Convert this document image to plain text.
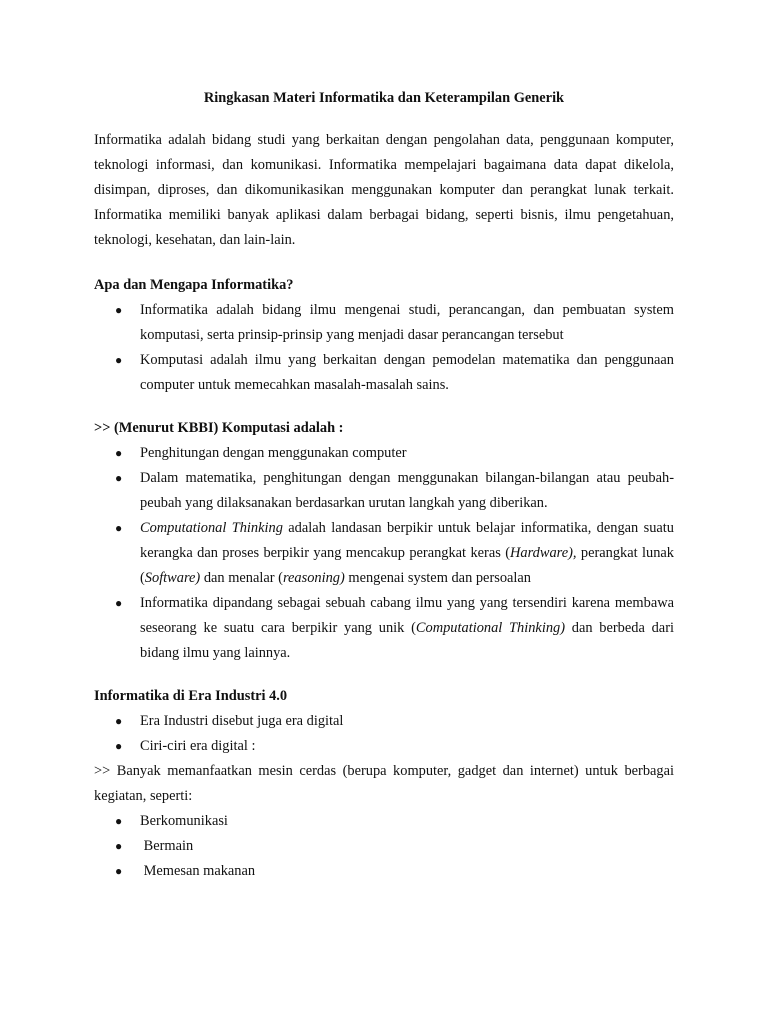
Ringkasan Materi Informatika dan Keterampilan Generik
Informatika adalah bidang studi yang berkaitan dengan pengolahan data, penggunaan komputer, teknologi informasi, dan komunikasi. Informatika mempelajari bagaimana data dapat dikelola, disimpan, diproses, dan dikomunikasikan menggunakan komputer dan perangkat lunak terkait. Informatika memiliki banyak aplikasi dalam berbagai bidang, seperti bisnis, ilmu pengetahuan, teknologi, kesehatan, dan lain-lain.
Apa dan Mengapa Informatika?
● Informatika adalah bidang ilmu mengenai studi, perancangan, dan pembuatan system komputasi, serta prinsip-prinsip yang menjadi dasar perancangan tersebut
● Komputasi adalah ilmu yang berkaitan dengan pemodelan matematika dan penggunaan computer untuk memecahkan masalah-masalah sains.
>> (Menurut KBBI) Komputasi adalah :
● Penghitungan dengan menggunakan computer
● Dalam matematika, penghitungan dengan menggunakan bilangan-bilangan atau peubah-peubah yang dilaksanakan berdasarkan urutan langkah yang diberikan.
● Computational Thinking adalah landasan berpikir untuk belajar informatika, dengan suatu kerangka dan proses berpikir yang mencakup perangkat keras (Hardware), perangkat lunak (Software) dan menalar (reasoning) mengenai system dan persoalan
● Informatika dipandang sebagai sebuah cabang ilmu yang yang tersendiri karena membawa seseorang ke suatu cara berpikir yang unik (Computational Thinking) dan berbeda dari bidang ilmu yang lainnya.
Informatika di Era Industri 4.0
● Era Industri disebut juga era digital
● Ciri-ciri era digital :
>> Banyak memanfaatkan mesin cerdas (berupa komputer, gadget dan internet) untuk berbagai kegiatan, seperti:
● Berkomunikasi
● Bermain
● Memesan makanan
